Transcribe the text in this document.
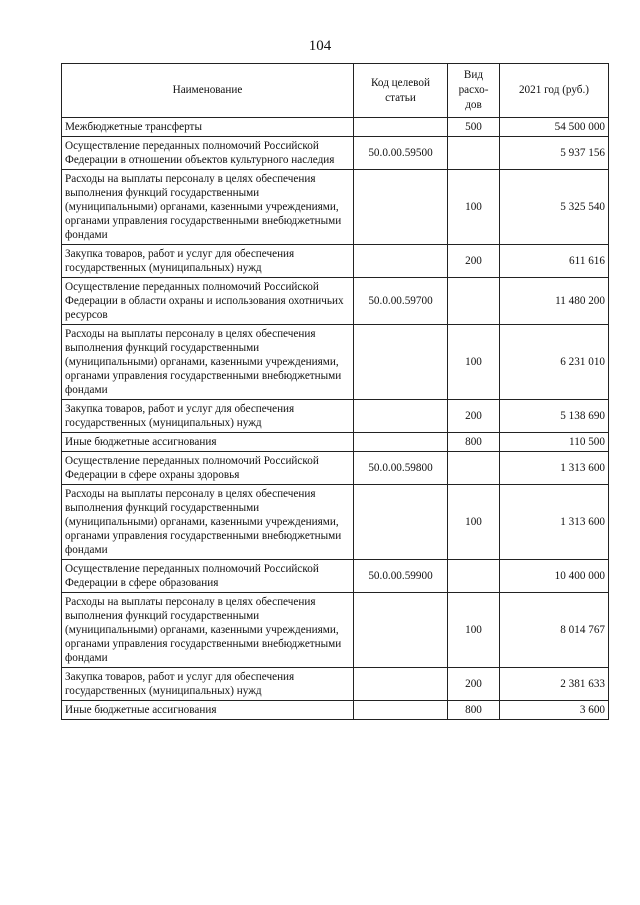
104
Наименование	Код целевой статьи	Вид расхо-дов	2021 год (руб.)
Межбюджетные трансферты		500	54 500 000
Осуществление переданных полномочий Российской Федерации в отношении объектов культурного наследия	50.0.00.59500		5 937 156
Расходы на выплаты персоналу в целях обеспечения выполнения функций государственными (муниципальными) органами, казенными учреждениями, органами управления государственными внебюджетными фондами		100	5 325 540
Закупка товаров, работ и услуг для обеспечения государственных (муниципальных) нужд		200	611 616
Осуществление переданных полномочий Российской Федерации в области охраны и использования охотничьих ресурсов	50.0.00.59700		11 480 200
Расходы на выплаты персоналу в целях обеспечения выполнения функций государственными (муниципальными) органами, казенными учреждениями, органами управления государственными внебюджетными фондами		100	6 231 010
Закупка товаров, работ и услуг для обеспечения государственных (муниципальных) нужд		200	5 138 690
Иные бюджетные ассигнования		800	110 500
Осуществление переданных полномочий Российской Федерации в сфере охраны здоровья	50.0.00.59800		1 313 600
Расходы на выплаты персоналу в целях обеспечения выполнения функций государственными (муниципальными) органами, казенными учреждениями, органами управления государственными внебюджетными фондами		100	1 313 600
Осуществление переданных полномочий Российской Федерации в сфере образования	50.0.00.59900		10 400 000
Расходы на выплаты персоналу в целях обеспечения выполнения функций государственными (муниципальными) органами, казенными учреждениями, органами управления государственными внебюджетными фондами		100	8 014 767
Закупка товаров, работ и услуг для обеспечения государственных (муниципальных) нужд		200	2 381 633
Иные бюджетные ассигнования		800	3 600
